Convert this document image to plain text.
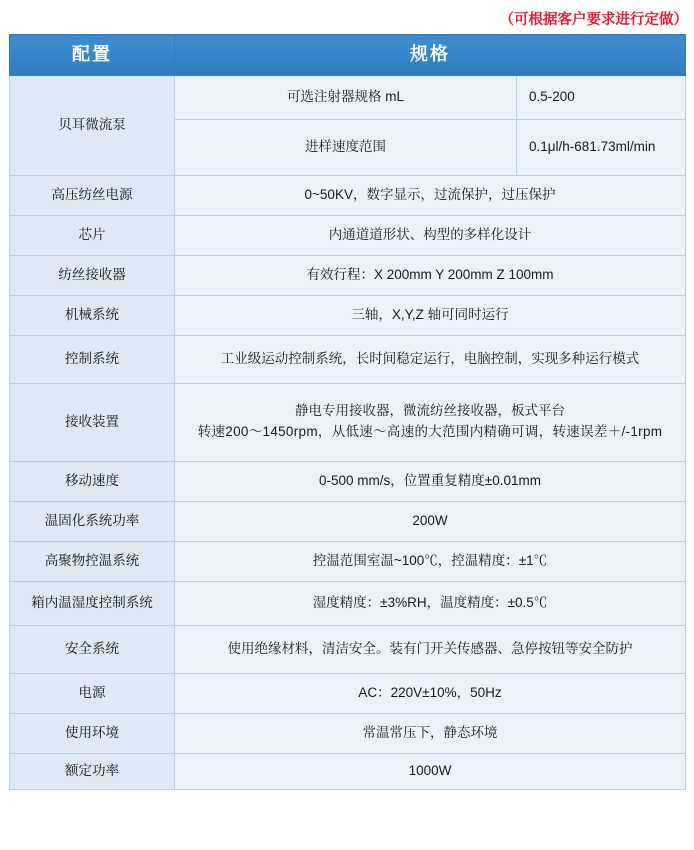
（可根据客户要求进行定做）
配置	规格	
贝耳微流泵	可选注射器规格 mL	0.5-200
	进样速度范围	0.1μl/h-681.73ml/min
高压纺丝电源	0~50KV，数字显示，过流保护，过压保护	
芯片	内通道道形状、构型的多样化设计	
纺丝接收器	有效行程：X 200mm Y 200mm Z 100mm	
机械系统	三轴，X,Y,Z 轴可同时运行	
控制系统	工业级运动控制系统，长时间稳定运行，电脑控制，实现多种运行模式	
接收装置	静电专用接收器，微流纺丝接收器，板式平台
转速200～1450rpm，从低速～高速的大范围内精确可调，转速误差＋/-1rpm	

移动速度	0-500 mm/s，位置重复精度±0.01mm	
温固化系统功率	200W	
高聚物控温系统	控温范围室温~100℃，控温精度：±1℃	
箱内温湿度控制系统	湿度精度：±3%RH，温度精度：±0.5℃	
安全系统	使用绝缘材料，清洁安全。装有门开关传感器、急停按钮等安全防护	
电源	AC：220V±10%，50Hz	
使用环境	常温常压下，静态环境	
额定功率	1000W	
